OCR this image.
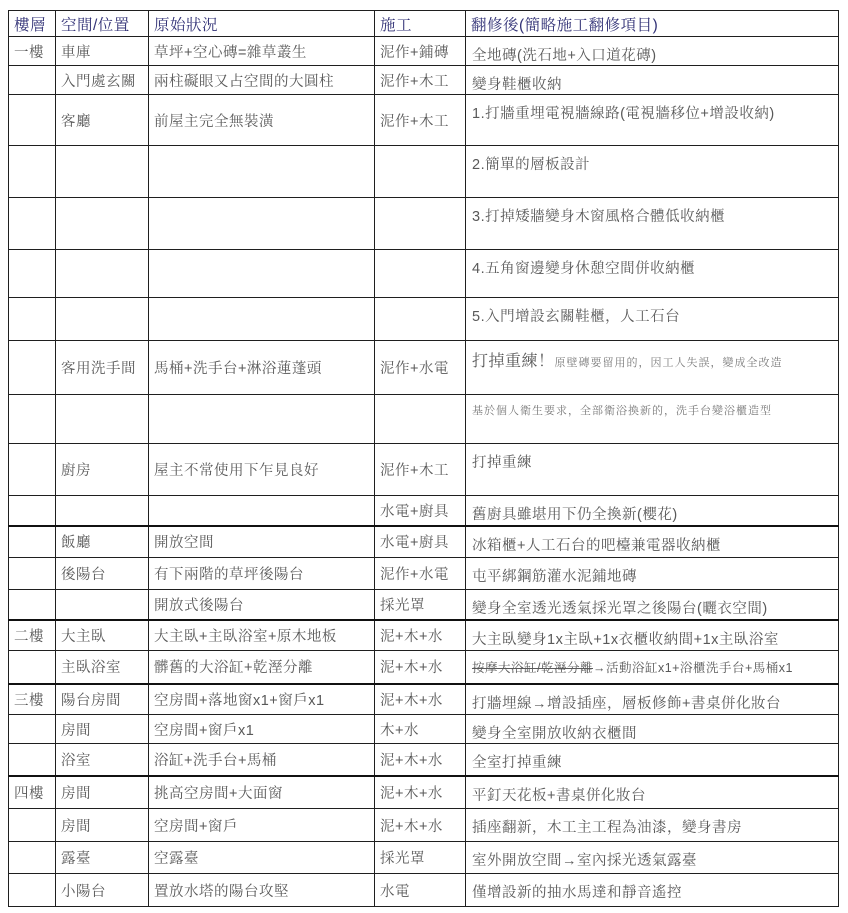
樓層	空間/位置	原始狀況	施工	翻修後(簡略施工翻修項目)
一樓	車庫	草坪+空心磚=雜草叢生	泥作+鋪磚	全地磚(洗石地+入口道花磚)
	入門處玄關	兩柱礙眼又占空間的大圓柱	泥作+木工	變身鞋櫃收納
	客廳	前屋主完全無裝潢	泥作+木工	1.打牆重埋電視牆線路(電視牆移位+增設收納)
				2.簡單的層板設計
				3.打掉矮牆變身木窗風格合體低收納櫃
				4.五角窗邊變身休憩空間併收納櫃
				5.入門增設玄關鞋櫃，人工石台
	客用洗手間	馬桶+洗手台+淋浴蓮蓬頭	泥作+水電	打掉重練！原壁磚要留用的，因工人失誤，變成全改造
				基於個人衛生要求，全部衛浴換新的，洗手台變浴櫃造型
	廚房	屋主不常使用下乍見良好	泥作+木工	打掉重練
			水電+廚具	舊廚具雖堪用下仍全換新(櫻花)
	飯廳	開放空間	水電+廚具	冰箱櫃+人工石台的吧檯兼電器收納櫃
	後陽台	有下兩階的草坪後陽台	泥作+水電	屯平綁鋼筋灌水泥鋪地磚
		開放式後陽台	採光罩	變身全室透光透氣採光罩之後陽台(曬衣空間)
二樓	大主臥	大主臥+主臥浴室+原木地板	泥+木+水	大主臥變身1x主臥+1x衣櫃收納間+1x主臥浴室
	主臥浴室	髒舊的大浴缸+乾溼分離	泥+木+水	按摩大浴缸/乾溼分離→活動浴缸x1+浴櫃洗手台+馬桶x1
三樓	陽台房間	空房間+落地窗x1+窗戶x1	泥+木+水	打牆埋線→增設插座，層板修飾+書桌併化妝台
	房間	空房間+窗戶x1	木+水	變身全室開放收納衣櫃間
	浴室	浴缸+洗手台+馬桶	泥+木+水	全室打掉重練
四樓	房間	挑高空房間+大面窗	泥+木+水	平釘天花板+書桌併化妝台
	房間	空房間+窗戶	泥+木+水	插座翻新，木工主工程為油漆，變身書房
	露臺	空露臺	採光罩	室外開放空間→室內採光透氣露臺
	小陽台	置放水塔的陽台攻堅	水電	僅增設新的抽水馬達和靜音遙控
